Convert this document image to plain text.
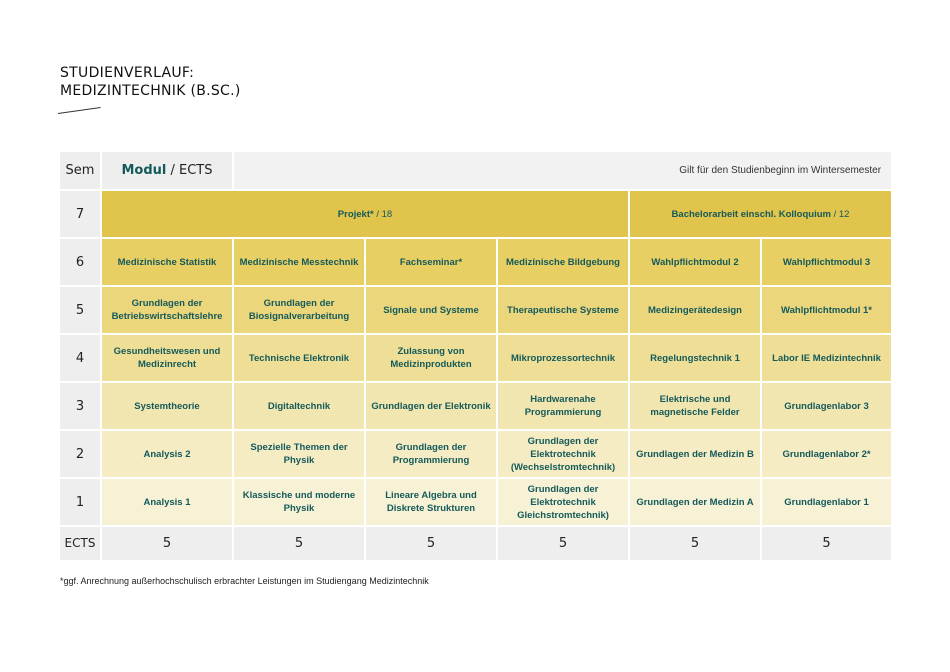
STUDIENVERLAUF:
MEDIZINTECHNIK (B.SC.)
Sem	Modul / ECTS	Gilt für den Studienbeginn im Wintersemester				
7	Projekt* / 18				Bachelorarbeit einschl. Kolloquium / 12	
6	Medizinische Statistik	Medizinische Messtechnik	Fachseminar*	Medizinische Bildgebung	Wahlpflichtmodul 2	Wahlpflichtmodul 3
5	Grundlagen der Betriebswirtschaftslehre	Grundlagen der Biosignalverarbeitung	Signale und Systeme	Therapeutische Systeme	Medizingerätedesign	Wahlpflichtmodul 1*
4	Gesundheitswesen und Medizinrecht	Technische Elektronik	Zulassung von Medizinprodukten	Mikroprozessortechnik	Regelungstechnik 1	Labor IE Medizintechnik
3	Systemtheorie	Digitaltechnik	Grundlagen der Elektronik	Hardwarenahe Programmierung	Elektrische und magnetische Felder	Grundlagenlabor 3
2	Analysis 2	Spezielle Themen der Physik	Grundlagen der Programmierung	Grundlagen der Elektrotechnik (Wechselstromtechnik)	Grundlagen der Medizin B	Grundlagenlabor 2*
1	Analysis 1	Klassische und moderne Physik	Lineare Algebra und Diskrete Strukturen	Grundlagen der Elektrotechnik Gleichstromtechnik)	Grundlagen der Medizin A	Grundlagenlabor 1
ECTS	5	5	5	5	5	5
*ggf. Anrechnung außerhochschulisch erbrachter Leistungen im Studiengang Medizintechnik
